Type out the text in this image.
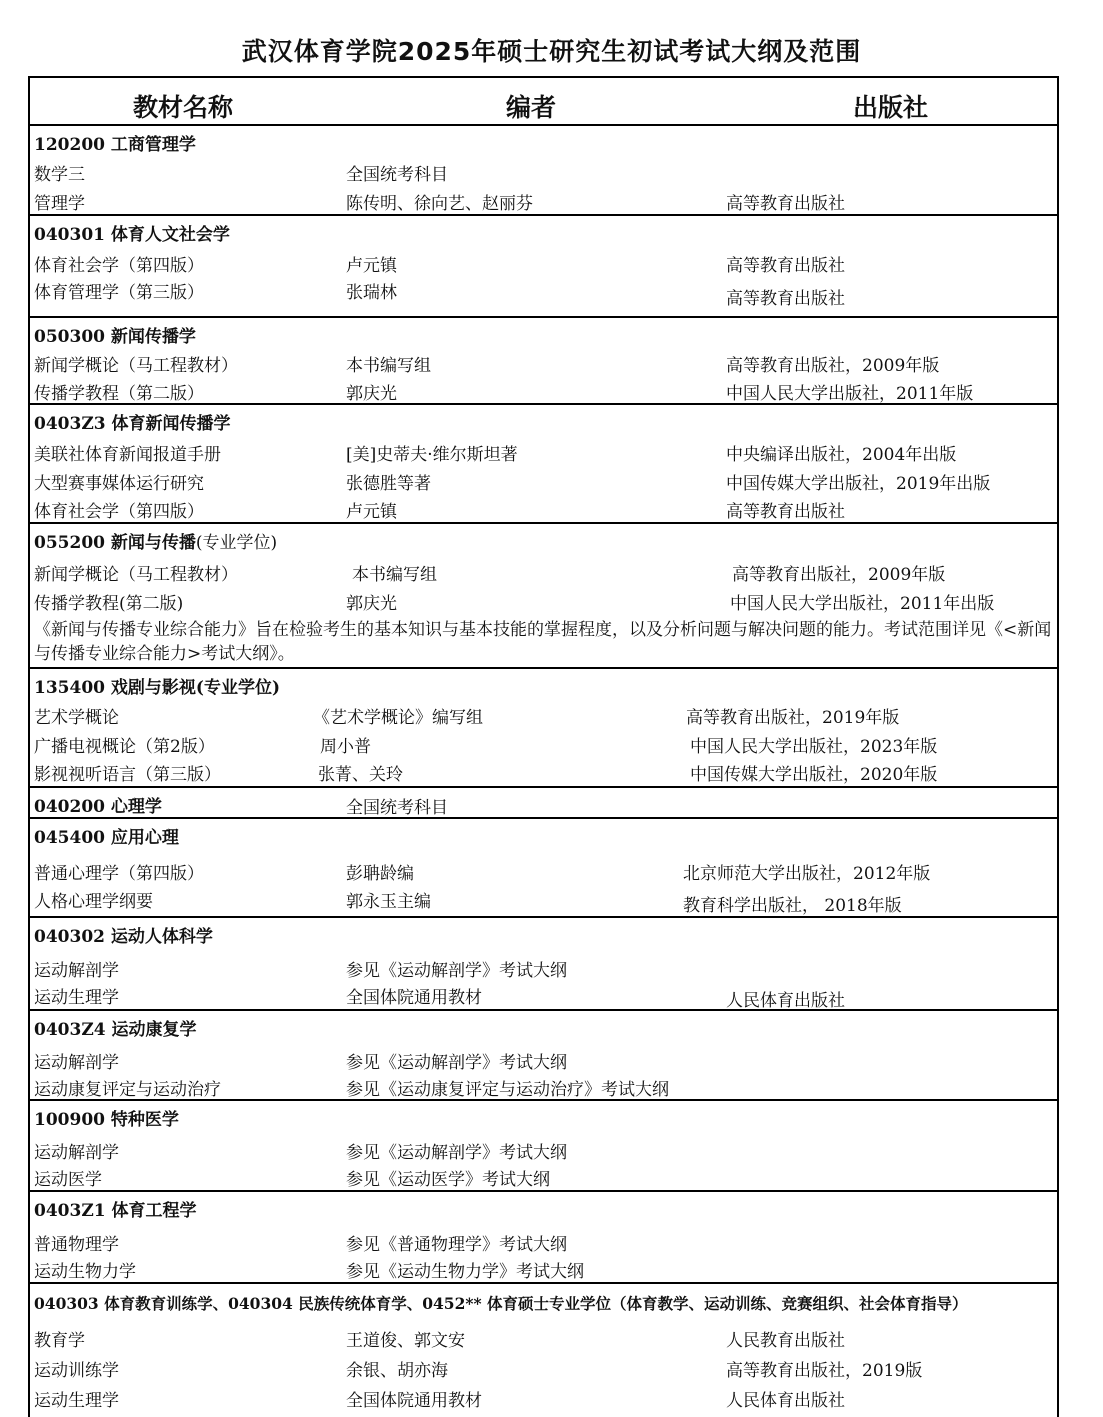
武汉体育学院2025年硕士研究生初试考试大纲及范围
教材名称	编者	出版社
120200 工商管理学
数学三	全国统考科目
管理学	陈传明、徐向艺、赵丽芬	高等教育出版社
040301 体育人文社会学
体育社会学（第四版）	卢元镇	高等教育出版社
体育管理学（第三版）	张瑞林	高等教育出版社
050300 新闻传播学
新闻学概论（马工程教材）	本书编写组	高等教育出版社，2009年版
传播学教程（第二版）	郭庆光	中国人民大学出版社，2011年版
0403Z3 体育新闻传播学
美联社体育新闻报道手册	[美]史蒂夫·维尔斯坦著	中央编译出版社，2004年出版
大型赛事媒体运行研究	张德胜等著	中国传媒大学出版社，2019年出版
体育社会学（第四版）	卢元镇	高等教育出版社
055200 新闻与传播(专业学位)
新闻学概论（马工程教材）	本书编写组	高等教育出版社，2009年版
传播学教程(第二版)	郭庆光	中国人民大学出版社，2011年出版
《新闻与传播专业综合能力》旨在检验考生的基本知识与基本技能的掌握程度，以及分析问题与解决问题的能力。考试范围详见《<新闻与传播专业综合能力>考试大纲》。
135400 戏剧与影视(专业学位)
艺术学概论	《艺术学概论》编写组	高等教育出版社，2019年版
广播电视概论（第2版）	周小普	中国人民大学出版社，2023年版
影视视听语言（第三版）	张菁、关玲	中国传媒大学出版社，2020年版
040200 心理学	全国统考科目
045400 应用心理
普通心理学（第四版）	彭聃龄编	北京师范大学出版社，2012年版
人格心理学纲要	郭永玉主编	教育科学出版社， 2018年版
040302 运动人体科学
运动解剖学	参见《运动解剖学》考试大纲
运动生理学	全国体院通用教材	人民体育出版社
0403Z4 运动康复学
运动解剖学	参见《运动解剖学》考试大纲
运动康复评定与运动治疗	参见《运动康复评定与运动治疗》考试大纲
100900 特种医学
运动解剖学	参见《运动解剖学》考试大纲
运动医学	参见《运动医学》考试大纲
0403Z1 体育工程学
普通物理学	参见《普通物理学》考试大纲
运动生物力学	参见《运动生物力学》考试大纲
040303 体育教育训练学、040304 民族传统体育学、0452** 体育硕士专业学位（体育教学、运动训练、竞赛组织、社会体育指导）
教育学	王道俊、郭文安	人民教育出版社
运动训练学	余银、胡亦海	高等教育出版社，2019版
运动生理学	全国体院通用教材	人民体育出版社
